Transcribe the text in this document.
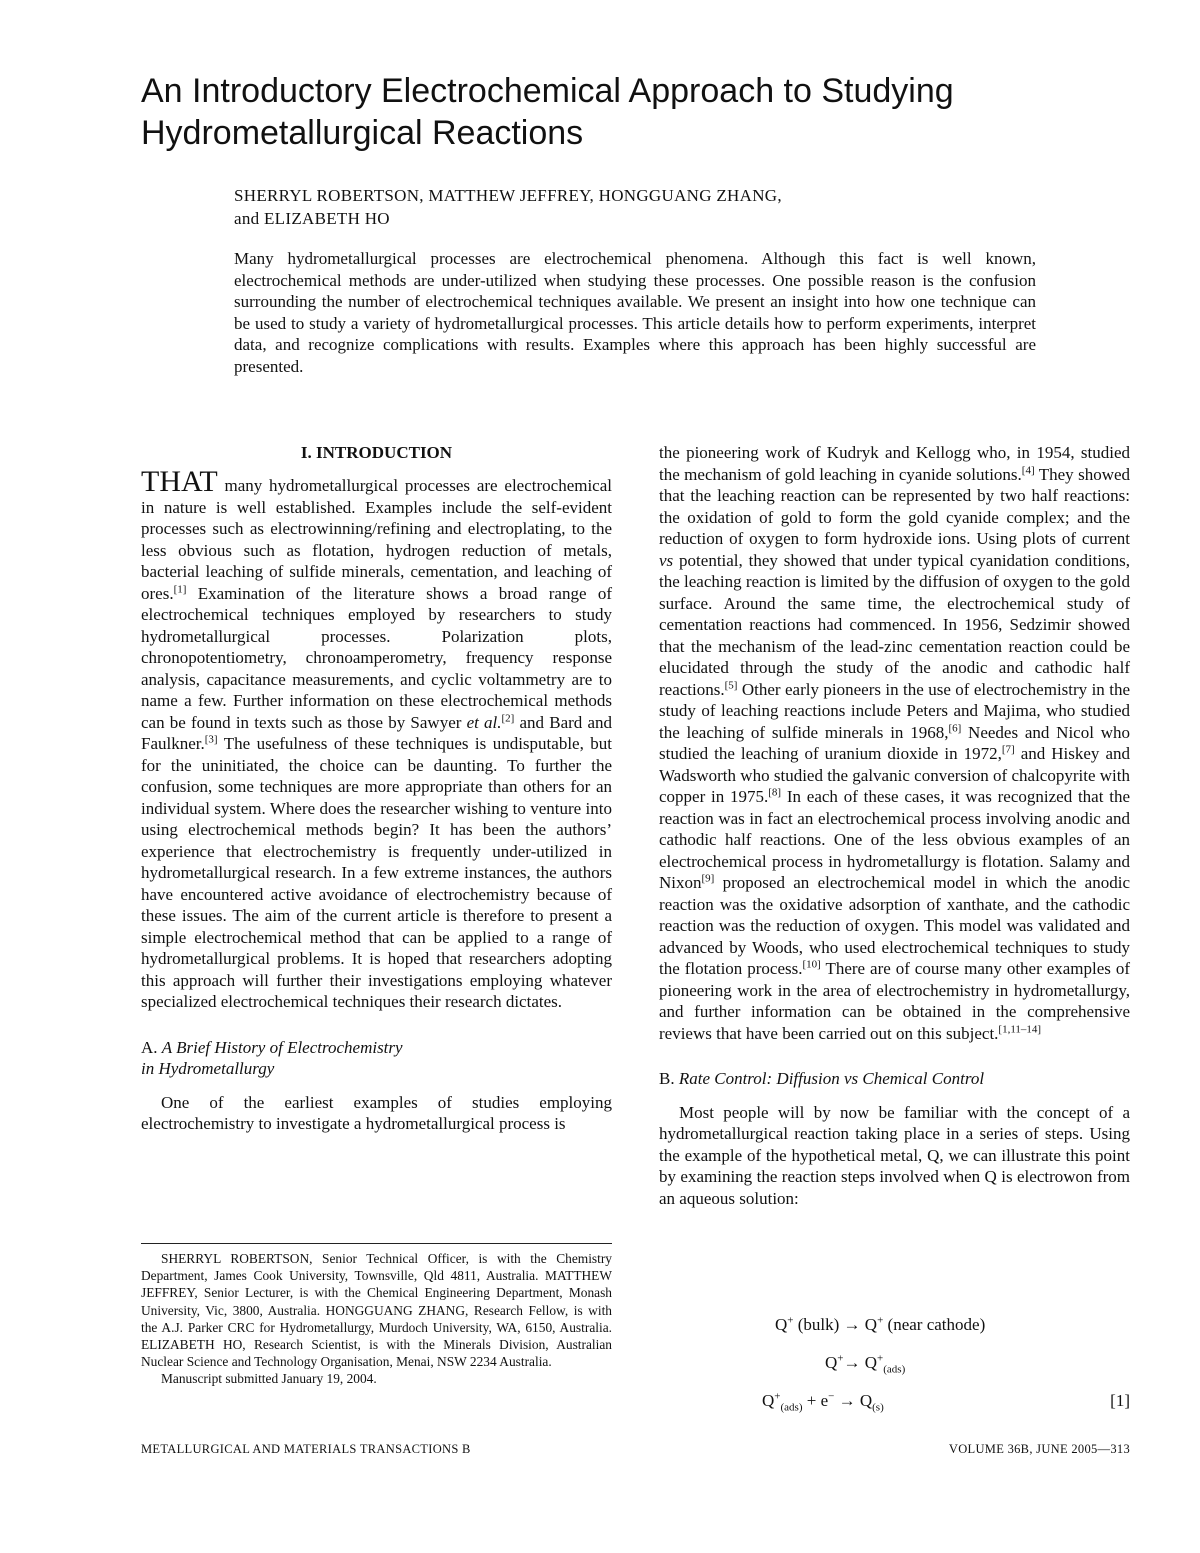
An Introductory Electrochemical Approach to Studying Hydrometallurgical Reactions
SHERRYL ROBERTSON, MATTHEW JEFFREY, HONGGUANG ZHANG,
and ELIZABETH HO

Many hydrometallurgical processes are electrochemical phenomena. Although this fact is well known, electrochemical methods are under-utilized when studying these processes. One possible reason is the confusion surrounding the number of electrochemical techniques available. We present an insight into how one technique can be used to study a variety of hydrometallurgical processes. This article details how to perform experiments, interpret data, and recognize complications with results. Examples where this approach has been highly successful are presented.

I. INTRODUCTION

THAT many hydrometallurgical processes are electrochemical in nature is well established. Examples include the self-evident processes such as electrowinning/refining and electroplating, to the less obvious such as flotation, hydrogen reduction of metals, bacterial leaching of sulfide minerals, cementation, and leaching of ores.[1] Examination of the literature shows a broad range of electrochemical techniques employed by researchers to study hydrometallurgical processes. Polarization plots, chronopotentiometry, chronoamperometry, frequency response analysis, capacitance measurements, and cyclic voltammetry are to name a few. Further information on these electrochemical methods can be found in texts such as those by Sawyer et al.[2] and Bard and Faulkner.[3] The usefulness of these techniques is undisputable, but for the uninitiated, the choice can be daunting. To further the confusion, some techniques are more appropriate than others for an individual system. Where does the researcher wishing to venture into using electrochemical methods begin? It has been the authors’ experience that electrochemistry is frequently under-utilized in hydrometallurgical research. In a few extreme instances, the authors have encountered active avoidance of electrochemistry because of these issues. The aim of the current article is therefore to present a simple electrochemical method that can be applied to a range of hydrometallurgical problems. It is hoped that researchers adopting this approach will further their investigations employing whatever specialized electrochemical techniques their research dictates.

A. A Brief History of Electrochemistry
in Hydrometallurgy

One of the earliest examples of studies employing electrochemistry to investigate a hydrometallurgical process is

SHERRYL ROBERTSON, Senior Technical Officer, is with the Chemistry Department, James Cook University, Townsville, Qld 4811, Australia. MATTHEW JEFFREY, Senior Lecturer, is with the Chemical Engineering Department, Monash University, Vic, 3800, Australia. HONGGUANG ZHANG, Research Fellow, is with the A.J. Parker CRC for Hydrometallurgy, Murdoch University, WA, 6150, Australia. ELIZABETH HO, Research Scientist, is with the Minerals Division, Australian Nuclear Science and Technology Organisation, Menai, NSW 2234 Australia.

Manuscript submitted January 19, 2004.

the pioneering work of Kudryk and Kellogg who, in 1954, studied the mechanism of gold leaching in cyanide solutions.[4] They showed that the leaching reaction can be represented by two half reactions: the oxidation of gold to form the gold cyanide complex; and the reduction of oxygen to form hydroxide ions. Using plots of current vs potential, they showed that under typical cyanidation conditions, the leaching reaction is limited by the diffusion of oxygen to the gold surface. Around the same time, the electrochemical study of cementation reactions had commenced. In 1956, Sedzimir showed that the mechanism of the lead-zinc cementation reaction could be elucidated through the study of the anodic and cathodic half reactions.[5] Other early pioneers in the use of electrochemistry in the study of leaching reactions include Peters and Majima, who studied the leaching of sulfide minerals in 1968,[6] Needes and Nicol who studied the leaching of uranium dioxide in 1972,[7] and Hiskey and Wadsworth who studied the galvanic conversion of chalcopyrite with copper in 1975.[8] In each of these cases, it was recognized that the reaction was in fact an electrochemical process involving anodic and cathodic half reactions. One of the less obvious examples of an electrochemical process in hydrometallurgy is flotation. Salamy and Nixon[9] proposed an electrochemical model in which the anodic reaction was the oxidative adsorption of xanthate, and the cathodic reaction was the reduction of oxygen. This model was validated and advanced by Woods, who used electrochemical techniques to study the flotation process.[10] There are of course many other examples of pioneering work in the area of electrochemistry in hydrometallurgy, and further information can be obtained in the comprehensive reviews that have been carried out on this subject.[1,11–14]

B. Rate Control: Diffusion vs Chemical Control

Most people will by now be familiar with the concept of a hydrometallurgical reaction taking place in a series of steps. Using the example of the hypothetical metal, Q, we can illustrate this point by examining the reaction steps involved when Q is electrowon from an aqueous solution:

Q+ (bulk) → Q+ (near cathode)
$Q^+\to Q^+_{(ads)}$
$Q^+_{(ads)} + e^- \to Q_{(s)}$	[1]
METALLURGICAL AND MATERIALS TRANSACTIONS B	VOLUME 36B, JUNE 2005—313
